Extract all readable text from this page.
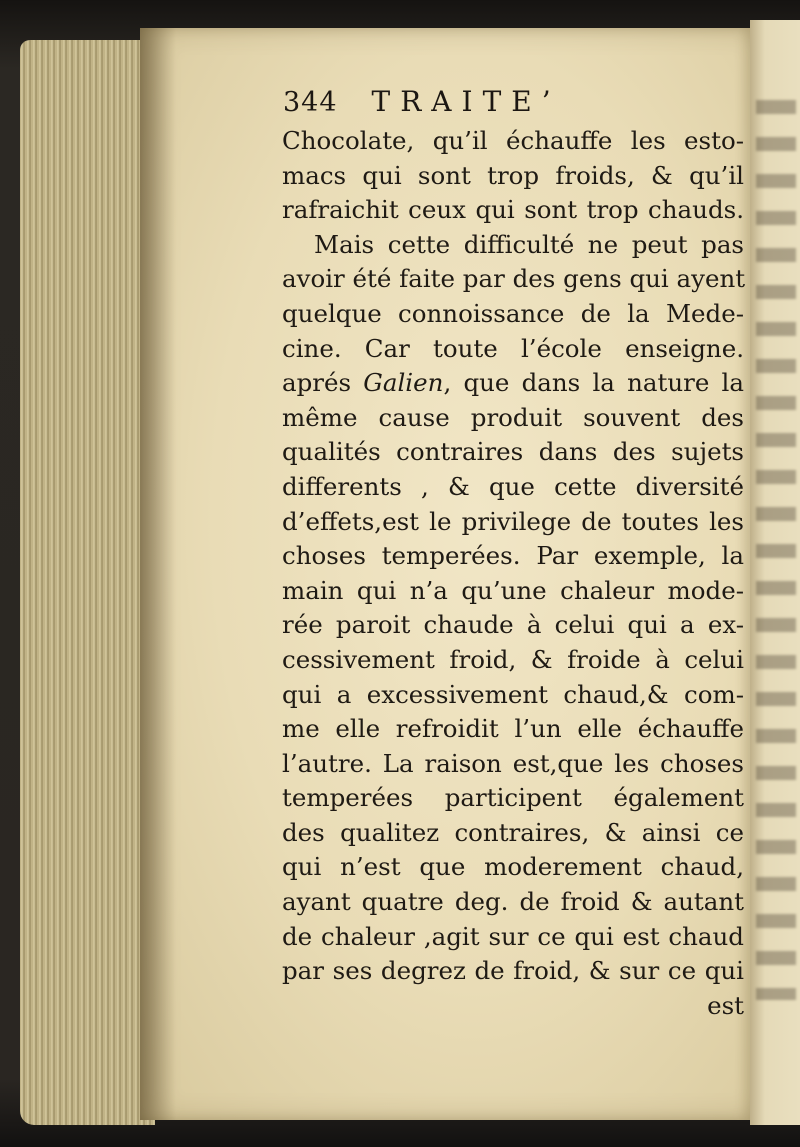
344 TRAITE’
Chocolate, qu’il échauffe les esto-
macs qui sont trop froids, & qu’il
rafraichit ceux qui sont trop chauds.
Mais cette difficulté ne peut pas
avoir été faite par des gens qui ayent
quelque connoissance de la Mede-
cine. Car toute l’école enseigne.
aprés Galien, que dans la nature la
même cause produit souvent des
qualités contraires dans des sujets
differents , & que cette diversité
d’effets,est le privilege de toutes les
choses temperées. Par exemple, la
main qui n’a qu’une chaleur mode-
rée paroit chaude à celui qui a ex-
cessivement froid, & froide à celui
qui a excessivement chaud,& com-
me elle refroidit l’un elle échauffe
l’autre. La raison est,que les choses
temperées participent également
des qualitez contraires, & ainsi ce
qui n’est que moderement chaud,
ayant quatre deg. de froid & autant
de chaleur ,agit sur ce qui est chaud
par ses degrez de froid, & sur ce qui
est
